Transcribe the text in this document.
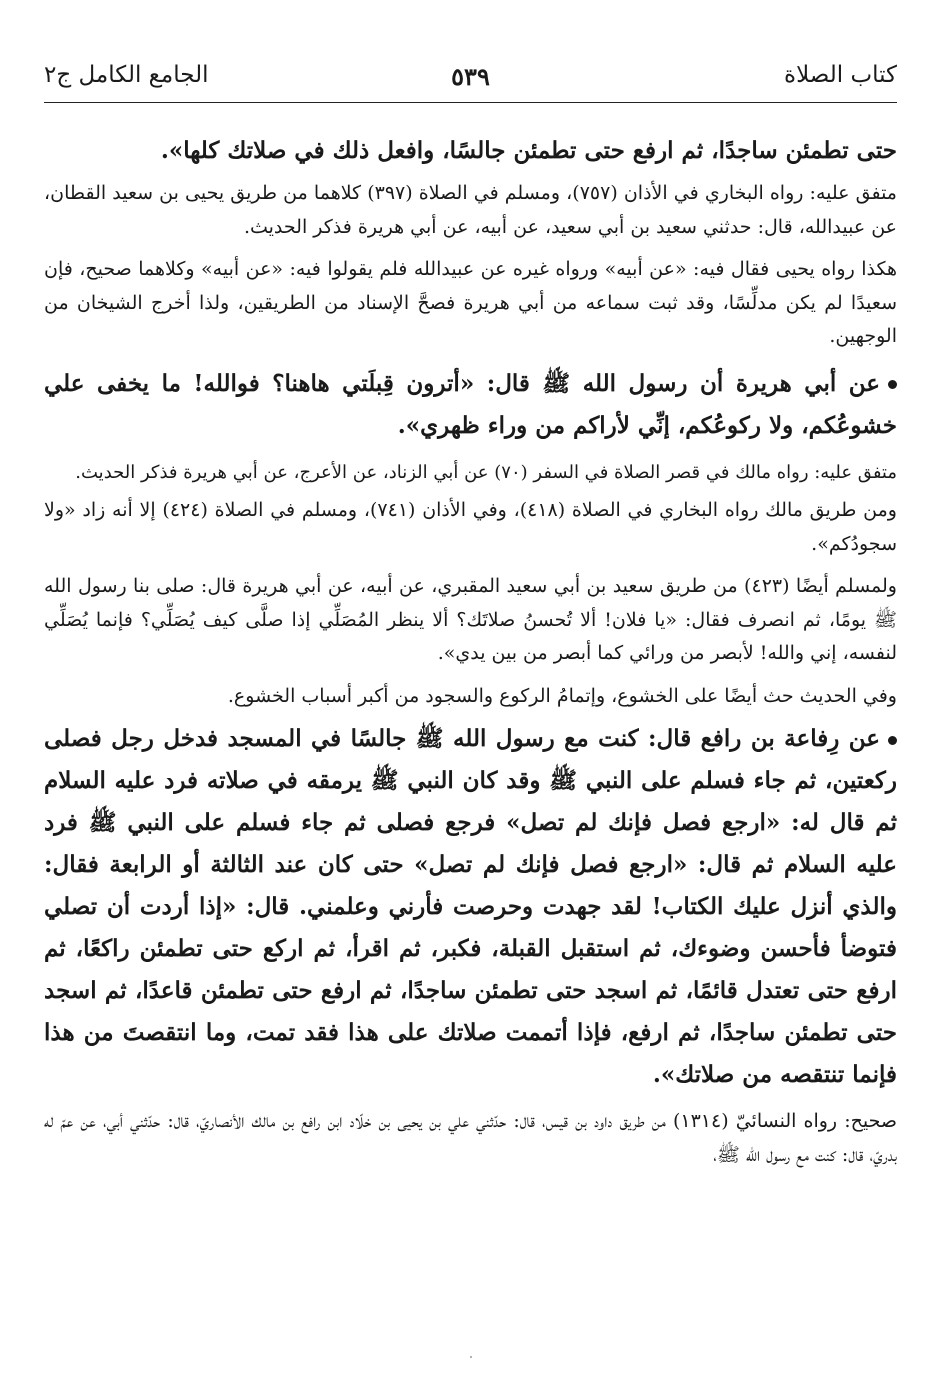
كتاب الصلاة
٥٣٩
الجامع الكامل ج٢

حتى تطمئن ساجدًا، ثم ارفع حتى تطمئن جالسًا، وافعل ذلك في صلاتك كلها».

متفق عليه: رواه البخاري في الأذان (٧٥٧)، ومسلم في الصلاة (٣٩٧) كلاهما من طريق يحيى بن سعيد القطان، عن عبيدالله، قال: حدثني سعيد بن أبي سعيد، عن أبيه، عن أبي هريرة فذكر الحديث.

هكذا رواه يحيى فقال فيه: «عن أبيه» ورواه غيره عن عبيدالله فلم يقولوا فيه: «عن أبيه» وكلاهما صحيح، فإن سعيدًا لم يكن مدلِّسًا، وقد ثبت سماعه من أبي هريرة فصحَّ الإسناد من الطريقين، ولذا أخرج الشيخان من الوجهين.

عن أبي هريرة أن رسول الله ﷺ قال: «أترون قِبلَتي هاهنا؟ فوالله! ما يخفى علي خشوعُكم، ولا ركوعُكم، إنِّي لأراكم من وراء ظهري».

متفق عليه: رواه مالك في قصر الصلاة في السفر (٧٠) عن أبي الزناد، عن الأعرج، عن أبي هريرة فذكر الحديث.

ومن طريق مالك رواه البخاري في الصلاة (٤١٨)، وفي الأذان (٧٤١)، ومسلم في الصلاة (٤٢٤) إلا أنه زاد «ولا سجودُكم».

ولمسلم أيضًا (٤٢٣) من طريق سعيد بن أبي سعيد المقبري، عن أبيه، عن أبي هريرة قال: صلى بنا رسول الله ﷺ يومًا، ثم انصرف فقال: «يا فلان! ألا تُحسنُ صلاتَك؟ ألا ينظر المُصَلِّي إذا صلَّى كيف يُصَلِّي؟ فإنما يُصَلِّي لنفسه، إني والله! لأبصر من ورائي كما أبصر من بين يدي».

وفي الحديث حث أيضًا على الخشوع، وإتمامُ الركوع والسجود من أكبر أسباب الخشوع.

عن رِفاعة بن رافع قال: كنت مع رسول الله ﷺ جالسًا في المسجد فدخل رجل فصلى ركعتين، ثم جاء فسلم على النبي ﷺ وقد كان النبي ﷺ يرمقه في صلاته فرد عليه السلام ثم قال له: «ارجع فصل فإنك لم تصل» فرجع فصلى ثم جاء فسلم على النبي ﷺ فرد عليه السلام ثم قال: «ارجع فصل فإنك لم تصل» حتى كان عند الثالثة أو الرابعة فقال: والذي أنزل عليك الكتاب! لقد جهدت وحرصت فأرني وعلمني. قال: «إذا أردت أن تصلي فتوضأ فأحسن وضوءك، ثم استقبل القبلة، فكبر، ثم اقرأ، ثم اركع حتى تطمئن راكعًا، ثم ارفع حتى تعتدل قائمًا، ثم اسجد حتى تطمئن ساجدًا، ثم ارفع حتى تطمئن قاعدًا، ثم اسجد حتى تطمئن ساجدًا، ثم ارفع، فإذا أتممت صلاتك على هذا فقد تمت، وما انتقصتَ من هذا فإنما تنتقصه من صلاتك».

صحيح: رواه النسائيّ (١٣١٤) من طريق داود بن قيس، قال: حدّثني علي بن يحيى بن خلّاد ابن رافع بن مالك الأنصاريّ، قال: حدّثني أبي، عن عمّ له بدريّ، قال: كنت مع رسول الله ﷺ،
